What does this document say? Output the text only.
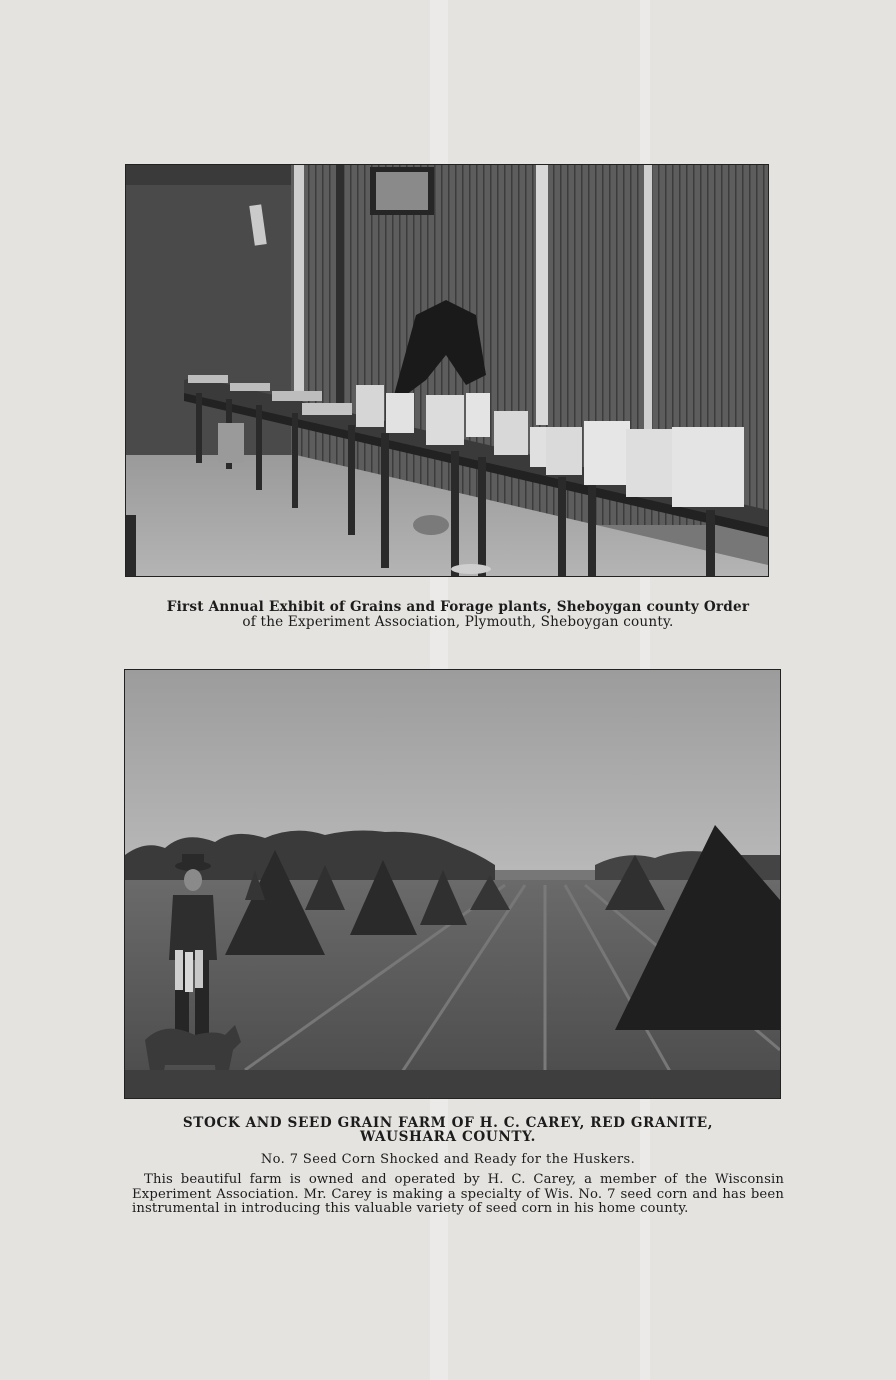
First Annual Exhibit of Grains and Forage plants, Sheboygan county Order
of the Experiment Association, Plymouth, Sheboygan county.
STOCK AND SEED GRAIN FARM OF H. C. CAREY, RED GRANITE,
WAUSHARA COUNTY.
No. 7 Seed Corn Shocked and Ready for the Huskers.
This beautiful farm is owned and operated by H. C. Carey, a member of the Wisconsin Experiment Association. Mr. Carey is making a specialty of Wis. No. 7 seed corn and has been instrumental in introducing this valuable variety of seed corn in his home county.
